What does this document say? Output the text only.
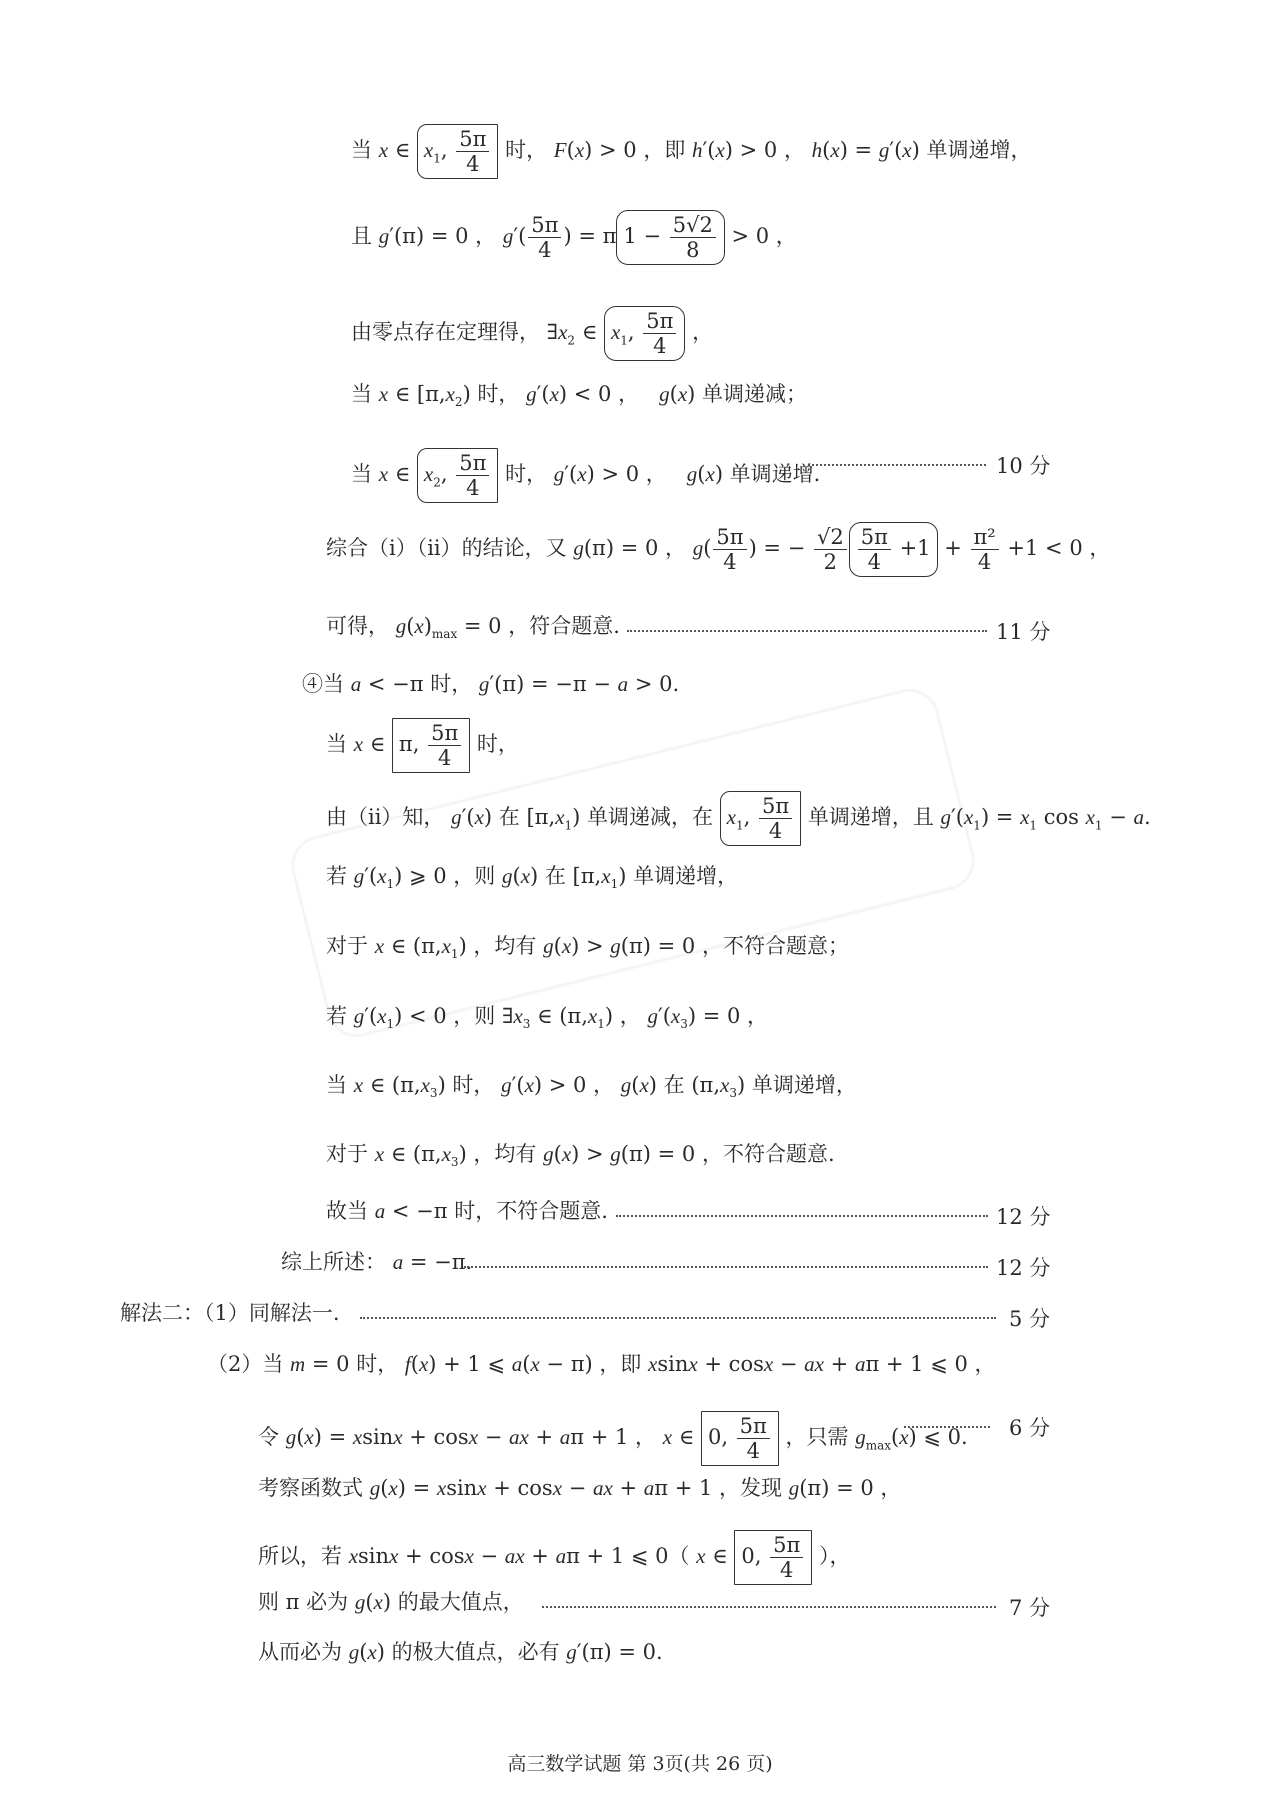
当 x ∈ $x_1$, $\frac{5\pi}{4}$ 时， F(x) > 0 ，即 h′(x) > 0 ， h(x) = g′(x) 单调递增，
且 g′(π) = 0 ， $g'( \frac{5\pi}{4}$ ) = π $1 - \frac{5√2}{8} > 0$ ，
由零点存在定理得， $\exists x_2$ ∈ $x_1$, $\frac{5\pi}{4}$ ，
当 x ∈ $[\pi,x_2)$ 时， g′(x) < 0 ，   g(x) 单调递减；
当 x ∈ $x_2$, $\frac{5\pi}{4}$ 时， g′(x) > 0 ，   g(x) 单调递增.	10 分
综合（i）（ii）的结论，又 g(π) = 0 ， $g( \frac{5\pi}{4}$ ) = − $\frac{√2}{2} \frac{5\pi}{4} +1 + \frac{\text{π²}}{4} +1 < 0$ ，
可得， $g(x)_{max} = 0$ ，符合题意.	11 分
④当 a < −π 时， g′(π) = −π − a > 0.
当 x ∈ π, $\frac{5\pi}{4}$ 时，
由（ii）知， g′(x) 在 $[\pi,x_1)$ 单调递减，在 $x_1$, $\frac{5\pi}{4}$ 单调递增，且 $g'(x_1) = x_1$ $\cos x_1 - a$.
若 $g'(x_1)$ ⩾ 0 ，则 g(x) 在 $[\pi,x_1)$ 单调递增，
对于 x ∈ $(\pi,x_1)$ ，均有 g(x) > g(π) = 0 ，不符合题意；
若 $g'(x_1) < 0$ ，则 $\exists x_3$ ∈ $(\pi,x_1)$ ， $g'(x_3) = 0$ ，
当 x ∈ $(\pi,x_3)$ 时， g′(x) > 0 ， g(x) 在 $(\pi,x_3)$ 单调递增，
对于 x ∈ $(\pi,x_3)$ ，均有 g(x) > g(π) = 0 ，不符合题意.
故当 a < −π 时，不符合题意.	12 分
综上所述： a = −π.	12 分
解法二：（1）同解法一.	5 分
（2）当 m = 0 时， f(x) + 1 ⩽ a(x − π) ，即 xsinx + cosx − ax + aπ + 1 ⩽ 0 ，
令 g(x) = xsinx + cosx − ax + aπ + 1 ， x ∈ 0, $\frac{5\pi}{4}$ ，只需 $g_{max}(x)$ ⩽ 0. 6 分
考察函数式 g(x) = xsinx + cosx − ax + aπ + 1 ，发现 g(π) = 0 ，
所以，若 xsinx + cosx − ax + aπ + 1 ⩽ 0（ x ∈ 0, $\frac{5\pi}{4}$ ），
则 π 必为 g(x) 的最大值点，	7 分
从而必为 g(x) 的极大值点，必有 g′(π) = 0.
高三数学试题 第 3页(共 26 页)
